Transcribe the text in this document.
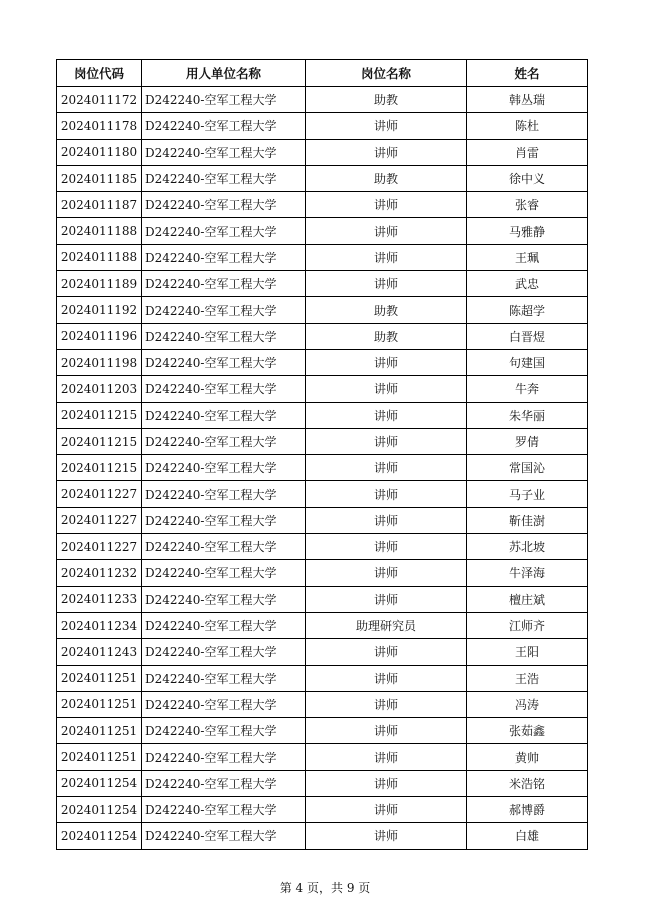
岗位代码	用人单位名称	岗位名称	姓名
2024011172	D242240-空军工程大学	助教	韩丛瑞
2024011178	D242240-空军工程大学	讲师	陈杜
2024011180	D242240-空军工程大学	讲师	肖雷
2024011185	D242240-空军工程大学	助教	徐中义
2024011187	D242240-空军工程大学	讲师	张睿
2024011188	D242240-空军工程大学	讲师	马雅静
2024011188	D242240-空军工程大学	讲师	王珮
2024011189	D242240-空军工程大学	讲师	武忠
2024011192	D242240-空军工程大学	助教	陈超学
2024011196	D242240-空军工程大学	助教	白晋煜
2024011198	D242240-空军工程大学	讲师	句建国
2024011203	D242240-空军工程大学	讲师	牛奔
2024011215	D242240-空军工程大学	讲师	朱华丽
2024011215	D242240-空军工程大学	讲师	罗倩
2024011215	D242240-空军工程大学	讲师	常国沁
2024011227	D242240-空军工程大学	讲师	马子业
2024011227	D242240-空军工程大学	讲师	靳佳澍
2024011227	D242240-空军工程大学	讲师	苏北坡
2024011232	D242240-空军工程大学	讲师	牛泽海
2024011233	D242240-空军工程大学	讲师	檀庄斌
2024011234	D242240-空军工程大学	助理研究员	江师齐
2024011243	D242240-空军工程大学	讲师	王阳
2024011251	D242240-空军工程大学	讲师	王浩
2024011251	D242240-空军工程大学	讲师	冯涛
2024011251	D242240-空军工程大学	讲师	张茹鑫
2024011251	D242240-空军工程大学	讲师	黄帅
2024011254	D242240-空军工程大学	讲师	米浩铭
2024011254	D242240-空军工程大学	讲师	郝博爵
2024011254	D242240-空军工程大学	讲师	白雄
第 4 页，共 9 页
